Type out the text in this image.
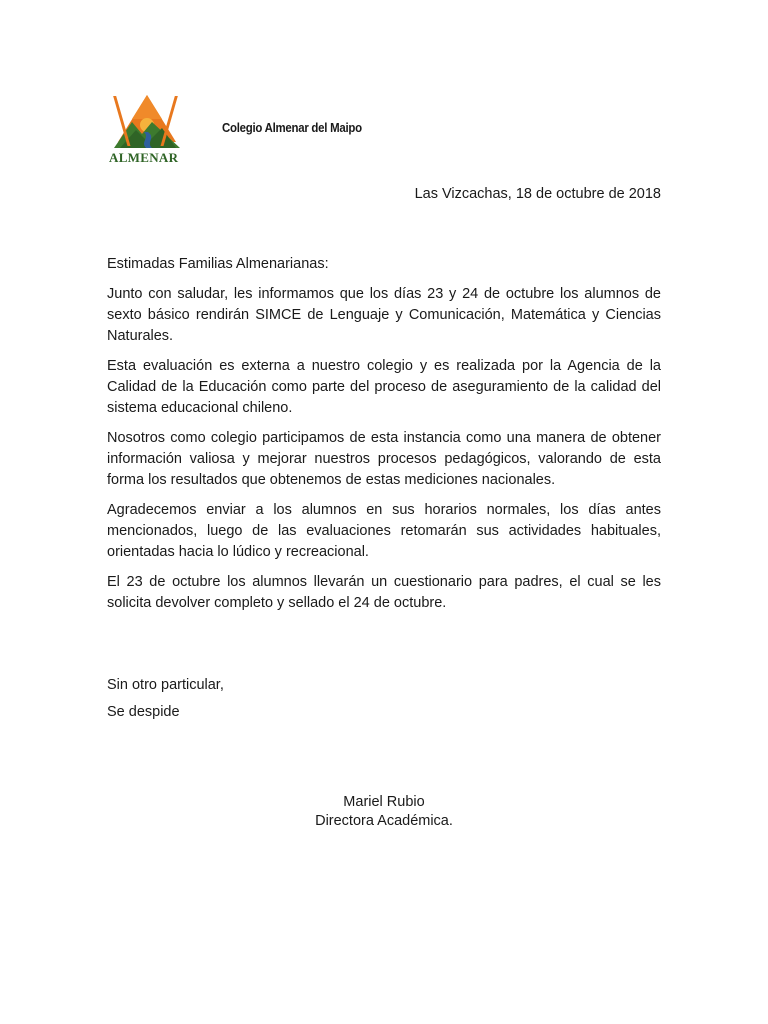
ALMENAR
Colegio Almenar del Maipo
Las Vizcachas, 18 de octubre de 2018

Estimadas Familias Almenarianas:

Junto con saludar, les informamos que los días 23 y 24 de octubre los alumnos de sexto básico rendirán SIMCE de Lenguaje y Comunicación, Matemática y Ciencias Naturales.

Esta evaluación es externa a nuestro colegio y es realizada por la Agencia de la Calidad de la Educación como parte del proceso de aseguramiento de la calidad del sistema educacional chileno.

Nosotros como colegio participamos de esta instancia como una manera de obtener información valiosa y mejorar nuestros procesos pedagógicos, valorando de esta forma los resultados que obtenemos de estas mediciones nacionales.

Agradecemos enviar a los alumnos en sus horarios normales, los días antes mencionados, luego de las evaluaciones retomarán sus actividades habituales, orientadas hacia lo lúdico y recreacional.

El 23 de octubre los alumnos llevarán un cuestionario para padres, el cual se les solicita devolver completo y sellado el 24 de octubre.

Sin otro particular,
Se despide
Mariel Rubio
Directora Académica.
